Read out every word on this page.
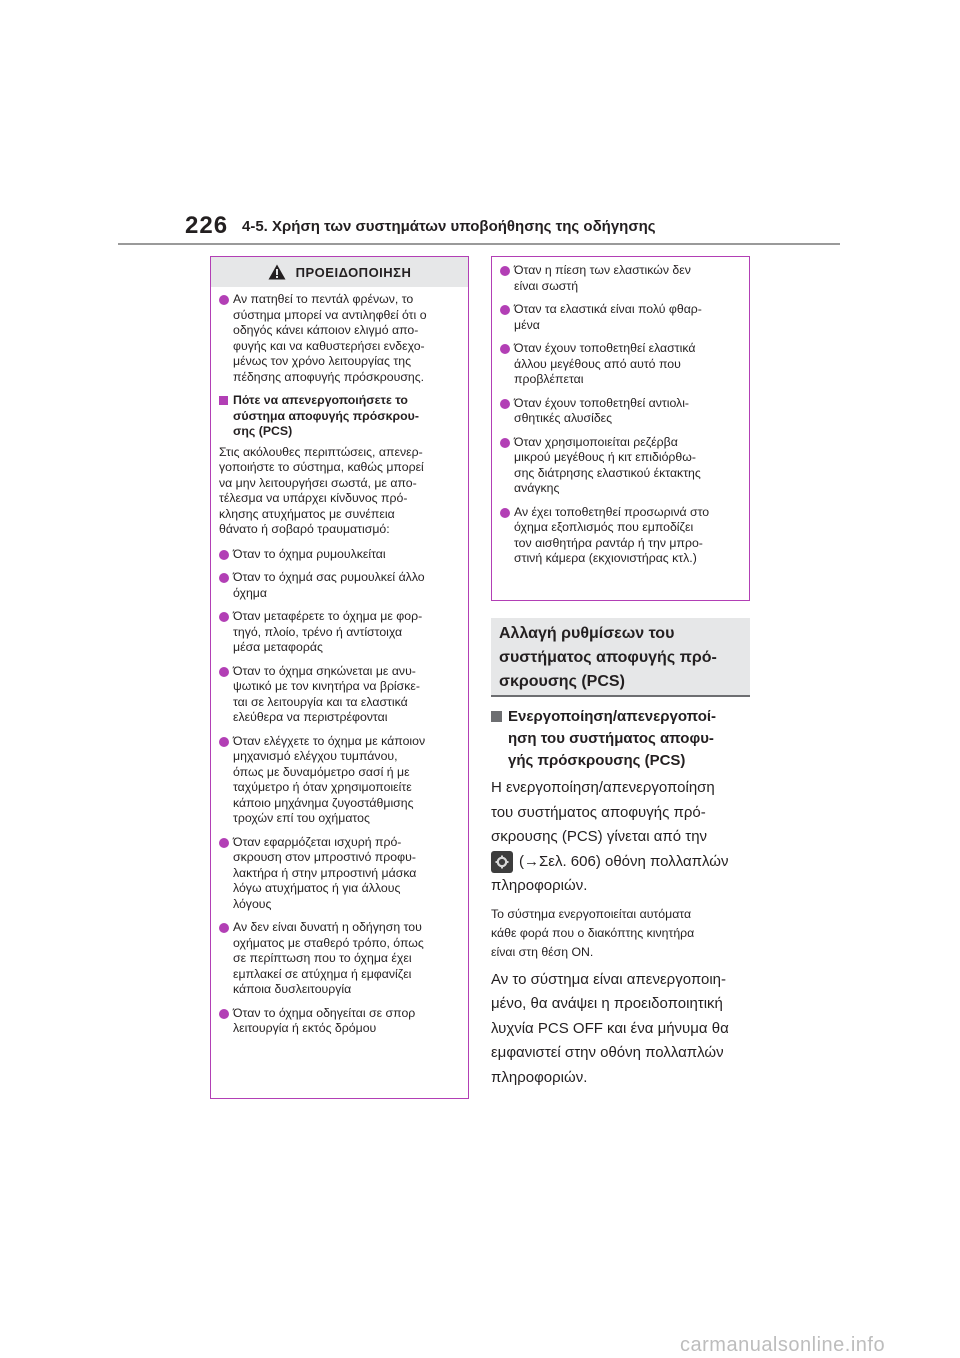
226 4-5. Χρήση των συστημάτων υποβοήθησης της οδήγησης
ΠΡΟΕΙΔΟΠΟΙΗΣΗ
Αν πατηθεί το πεντάλ φρένων, το
σύστημα μπορεί να αντιληφθεί ότι ο
οδηγός κάνει κάποιον ελιγμό απο-
φυγής και να καθυστερήσει ενδεχο-
μένως τον χρόνο λειτουργίας της
πέδησης αποφυγής πρόσκρουσης.
Πότε να απενεργοποιήσετε το
σύστημα αποφυγής πρόσκρου-
σης (PCS)
Στις ακόλουθες περιπτώσεις, απενερ-
γοποιήστε το σύστημα, καθώς μπορεί
να μην λειτουργήσει σωστά, με απο-
τέλεσμα να υπάρχει κίνδυνος πρό-
κλησης ατυχήματος με συνέπεια
θάνατο ή σοβαρό τραυματισμό:
Όταν το όχημα ρυμουλκείται
Όταν το όχημά σας ρυμουλκεί άλλο
όχημα
Όταν μεταφέρετε το όχημα με φορ-
τηγό, πλοίο, τρένο ή αντίστοιχα
μέσα μεταφοράς
Όταν το όχημα σηκώνεται με ανυ-
ψωτικό με τον κινητήρα να βρίσκε-
ται σε λειτουργία και τα ελαστικά
ελεύθερα να περιστρέφονται
Όταν ελέγχετε το όχημα με κάποιον
μηχανισμό ελέγχου τυμπάνου,
όπως με δυναμόμετρο σασί ή με
ταχύμετρο ή όταν χρησιμοποιείτε
κάποιο μηχάνημα ζυγοστάθμισης
τροχών επί του οχήματος
Όταν εφαρμόζεται ισχυρή πρό-
σκρουση στον μπροστινό προφυ-
λακτήρα ή στην μπροστινή μάσκα
λόγω ατυχήματος ή για άλλους
λόγους
Αν δεν είναι δυνατή η οδήγηση του
οχήματος με σταθερό τρόπο, όπως
σε περίπτωση που το όχημα έχει
εμπλακεί σε ατύχημα ή εμφανίζει
κάποια δυσλειτουργία
Όταν το όχημα οδηγείται σε σπορ
λειτουργία ή εκτός δρόμου
Όταν η πίεση των ελαστικών δεν
είναι σωστή
Όταν τα ελαστικά είναι πολύ φθαρ-
μένα
Όταν έχουν τοποθετηθεί ελαστικά
άλλου μεγέθους από αυτό που
προβλέπεται
Όταν έχουν τοποθετηθεί αντιολι-
σθητικές αλυσίδες
Όταν χρησιμοποιείται ρεζέρβα
μικρού μεγέθους ή κιτ επιδιόρθω-
σης διάτρησης ελαστικού έκτακτης
ανάγκης
Αν έχει τοποθετηθεί προσωρινά στο
όχημα εξοπλισμός που εμποδίζει
τον αισθητήρα ραντάρ ή την μπρο-
στινή κάμερα (εκχιονιστήρας κτλ.)
Αλλαγή ρυθμίσεων του
συστήματος αποφυγής πρό-
σκρουσης (PCS)
Ενεργοποίηση/απενεργοποί-
ηση του συστήματος αποφυ-
γής πρόσκρουσης (PCS)
Η ενεργοποίηση/απενεργοποίηση
του συστήματος αποφυγής πρό-
σκρουσης (PCS) γίνεται από την
(→Σελ. 606) οθόνη πολλαπλών
πληροφοριών.
Το σύστημα ενεργοποιείται αυτόματα
κάθε φορά που ο διακόπτης κινητήρα
είναι στη θέση ON.
Αν το σύστημα είναι απενεργοποιη-
μένο, θα ανάψει η προειδοποιητική
λυχνία PCS OFF και ένα μήνυμα θα
εμφανιστεί στην οθόνη πολλαπλών
πληροφοριών.
carmanualsonline.info
